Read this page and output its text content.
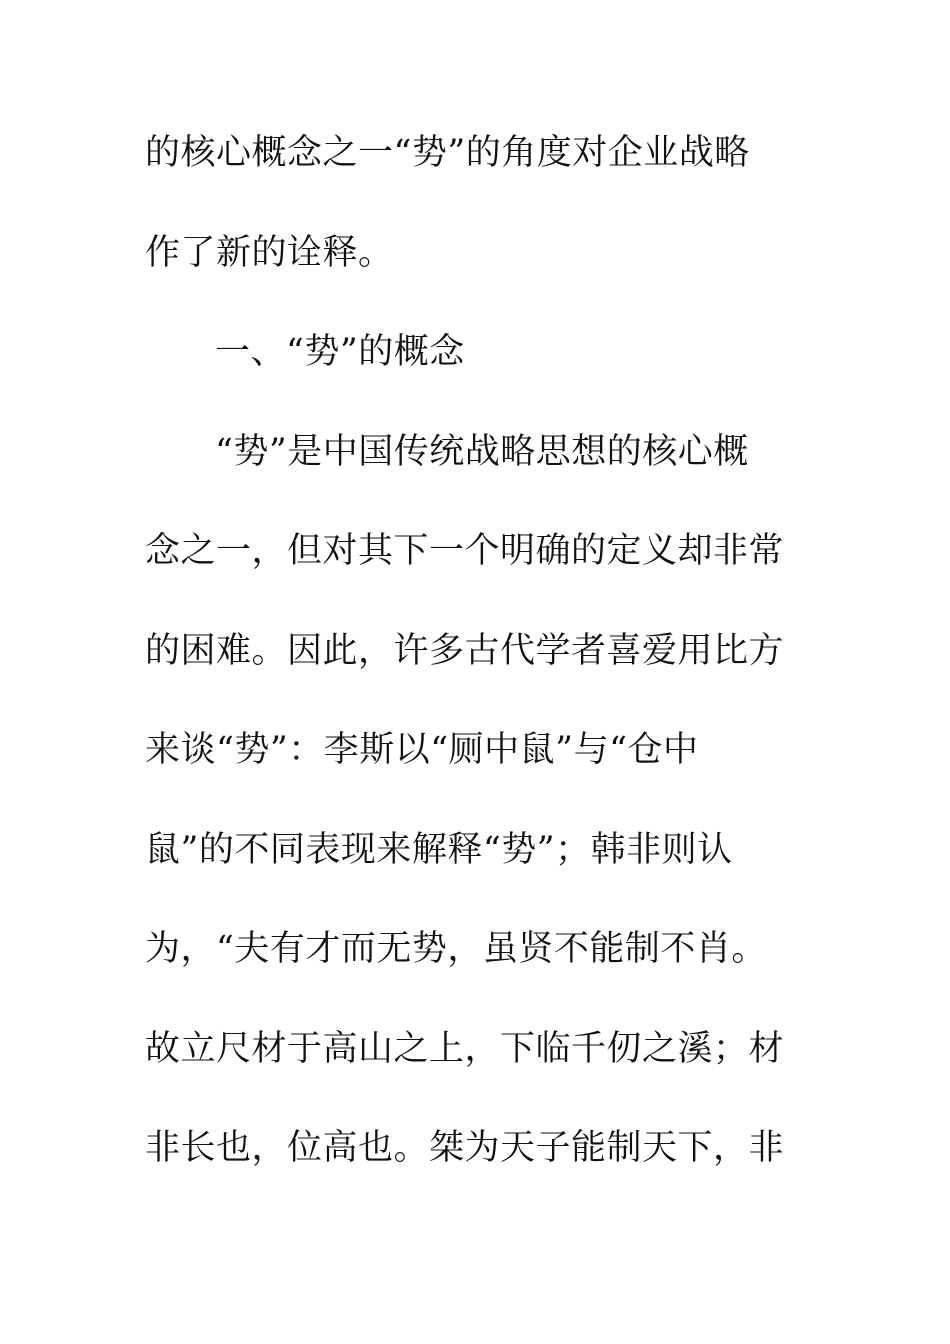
的核心概念之一“势”的角度对企业战略
作了新的诠释。
一、“势”的概念
“势”是中国传统战略思想的核心概
念之一，但对其下一个明确的定义却非常
的困难。因此，许多古代学者喜爱用比方
来谈“势”：李斯以“厕中鼠”与“仓中
鼠”的不同表现来解释“势”；韩非则认
为，“夫有才而无势，虽贤不能制不肖。
故立尺材于高山之上，下临千仞之溪；材
非长也，位高也。桀为天子能制天下，非
